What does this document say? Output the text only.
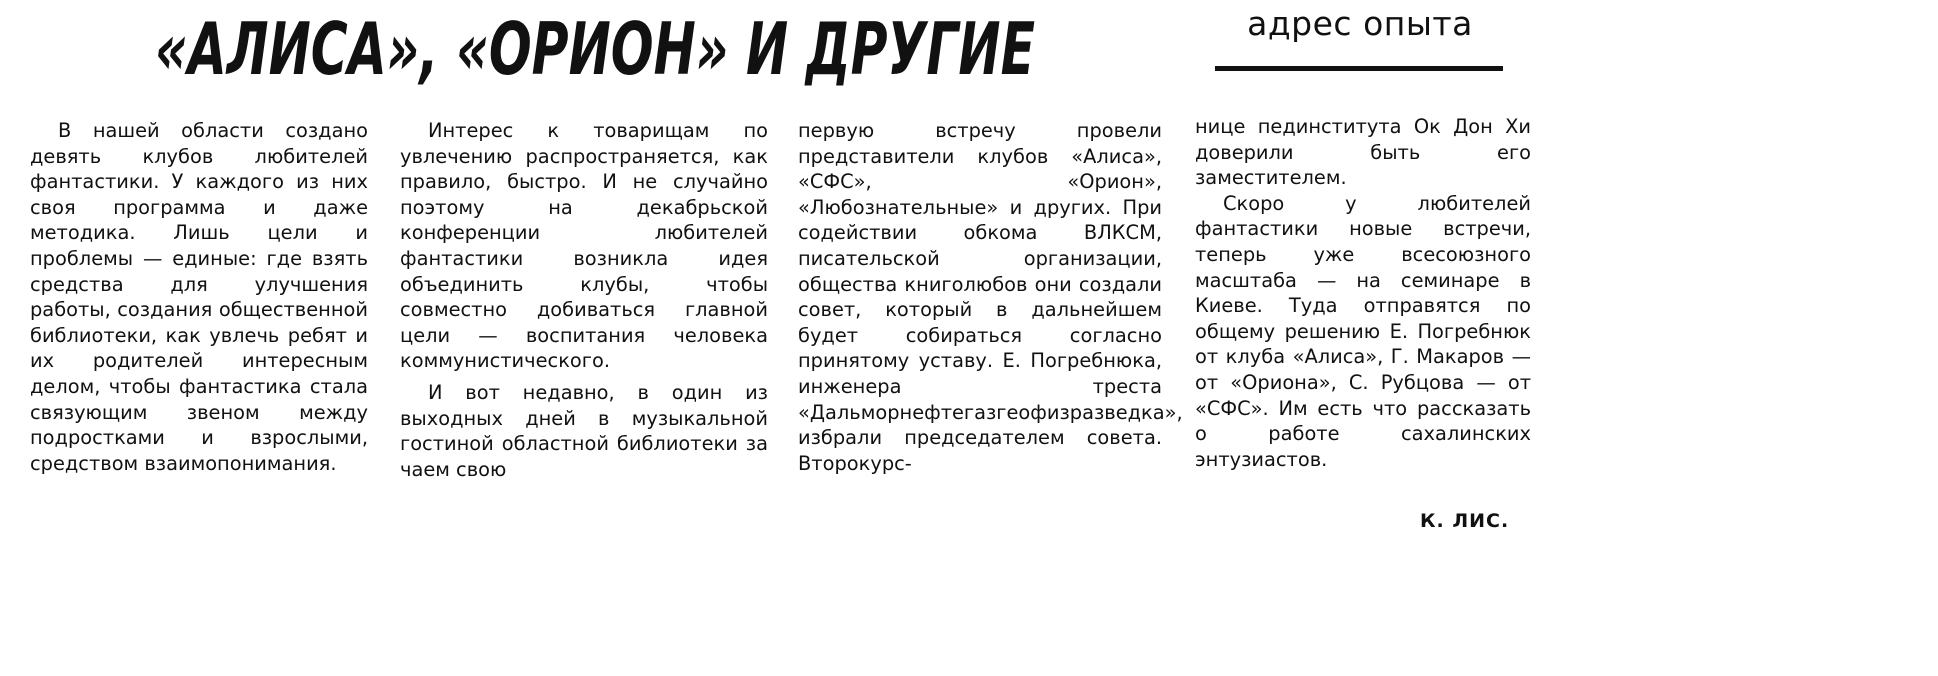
«АЛИСА», «ОРИОН» И ДРУГИЕ	адрес опыта

В нашей области создано девять клубов любителей фантастики. У каждого из них своя программа и даже методика. Лишь цели и проблемы — единые: где взять средства для улучшения работы, создания общественной библиотеки, как увлечь ребят и их родителей интересным делом, чтобы фантастика стала связующим звеном между подростками и взрослыми, средством взаимопонимания.

Интерес к товарищам по увлечению распространяется, как правило, быстро. И не случайно поэтому на декабрьской конференции любителей фантастики возникла идея объединить клубы, чтобы совместно добиваться главной цели — воспитания человека коммунистического.

И вот недавно, в один из выходных дней в музыкальной гостиной областной библиотеки за чаем свою

первую встречу провели представители клубов «Алиса», «СФС», «Орион», «Любознательные» и других. При содействии обкома ВЛКСМ, писательской организации, общества книголюбов они создали совет, который в дальнейшем будет собираться согласно принятому уставу. Е. Погребнюка, инженера треста «Дальморнефтегазгеофизразведка», избрали председателем совета. Второкурс-

нице пединститута Ок Дон Хи доверили быть его заместителем.

Скоро у любителей фантастики новые встречи, теперь уже всесоюзного масштаба — на семинаре в Киеве. Туда отправятся по общему решению Е. Погребнюк от клуба «Алиса», Г. Макаров — от «Ориона», С. Рубцова — от «СФС». Им есть что рассказать о работе сахалинских энтузиастов.

К. ЛИС.
